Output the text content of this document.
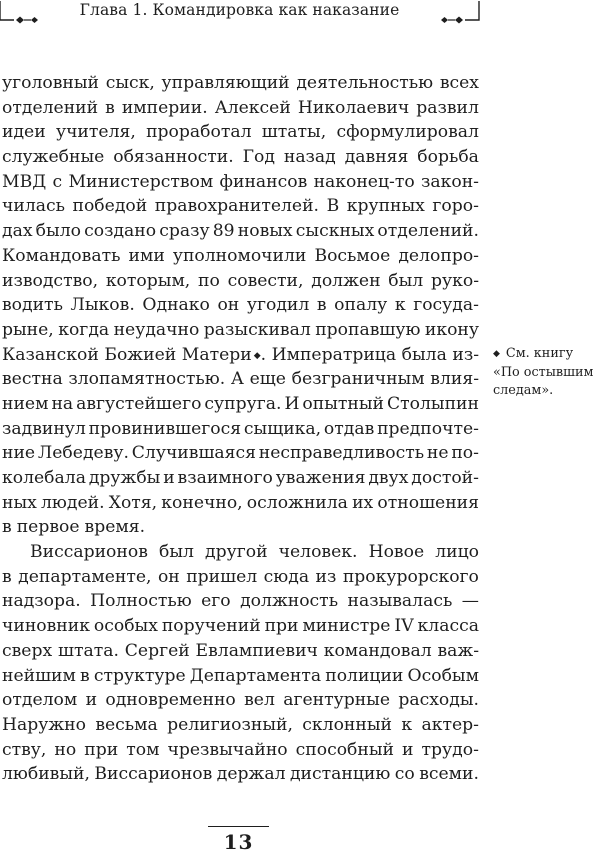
Глава 1. Командировка как наказание
уголовный сыск, управляющий деятельностью всех
отделений в империи. Алексей Николаевич развил
идеи учителя, проработал штаты, сформулировал
служебные обязанности. Год назад давняя борьба
МВД с Министерством финансов наконец-то закон-
чилась победой правохранителей. В крупных горо-
дах было создано сразу 89 новых сыскных отделений.
Командовать ими уполномочили Восьмое делопро-
изводство, которым, по совести, должен был руко-
водить Лыков. Однако он угодил в опалу к госуда-
рыне, когда неудачно разыскивал пропавшую икону
Казанской Божией Матери ◆. Императрица была из-
вестна злопамятностью. А еще безграничным влия-
нием на августейшего супруга. И опытный Столыпин
задвинул провинившегося сыщика, отдав предпочте-
ние Лебедеву. Случившаяся несправедливость не по-
колебала дружбы и взаимного уважения двух достой-
ных людей. Хотя, конечно, осложнила их отношения
в первое время.
Виссарионов был другой человек. Новое лицо
в департаменте, он пришел сюда из прокурорского
надзора. Полностью его должность называлась —
чиновник особых поручений при министре IV класса
сверх штата. Сергей Евлампиевич командовал важ-
нейшим в структуре Департамента полиции Особым
отделом и одновременно вел агентурные расходы.
Наружно весьма религиозный, склонный к актер-
ству, но при том чрезвычайно способный и трудо-
любивый, Виссарионов держал дистанцию со всеми.
◆ См. книгу
«По остывшим
следам».
13
